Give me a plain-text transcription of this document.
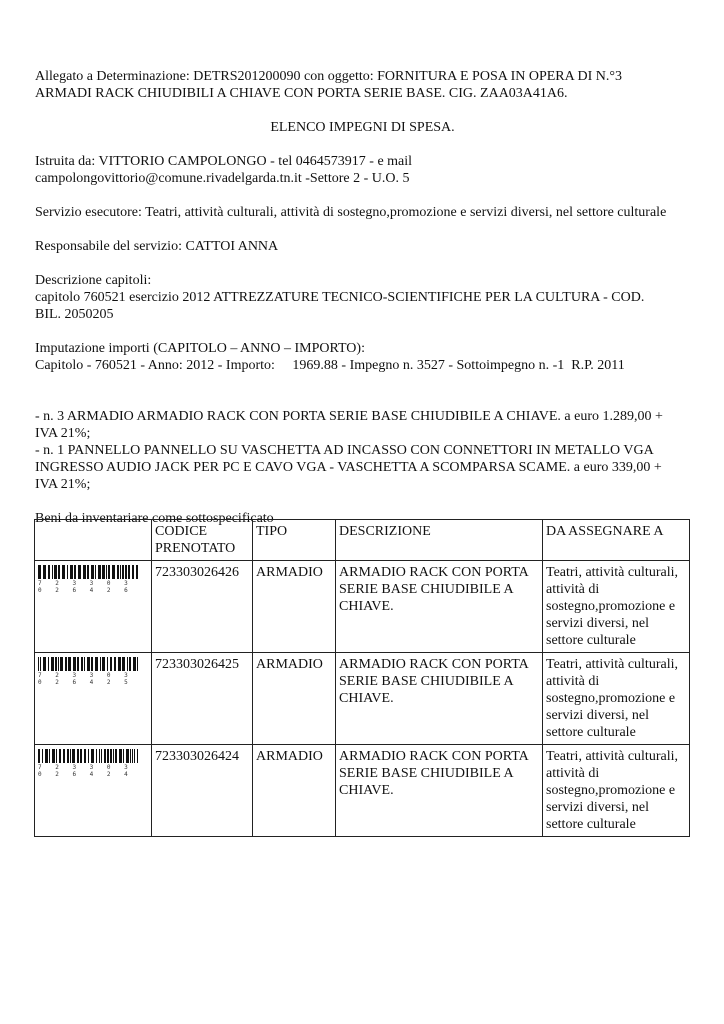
Allegato a Determinazione: DETRS201200090 con oggetto: FORNITURA E POSA IN OPERA DI N.°3

ARMADI RACK CHIUDIBILI A CHIAVE CON PORTA SERIE BASE. CIG. ZAA03A41A6.

ELENCO IMPEGNI DI SPESA.

Istruita da: VITTORIO CAMPOLONGO - tel 0464573917 - e mail

campolongovittorio@comune.rivadelgarda.tn.it -Settore 2 - U.O. 5

Servizio esecutore: Teatri, attività culturali, attività di sostegno,promozione e servizi diversi, nel settore culturale

Responsabile del servizio: CATTOI ANNA

Descrizione capitoli:

capitolo 760521 esercizio 2012 ATTREZZATURE TECNICO-SCIENTIFICHE PER LA CULTURA - COD.

BIL. 2050205

Imputazione importi (CAPITOLO – ANNO – IMPORTO):

Capitolo - 760521 - Anno: 2012 - Importo:     1969.88 - Impegno n. 3527 - Sottoimpegno n. -1  R.P. 2011

- n. 3 ARMADIO ARMADIO RACK CON PORTA SERIE BASE CHIUDIBILE A CHIAVE. a euro 1.289,00 +

IVA 21%;

- n. 1 PANNELLO PANNELLO SU VASCHETTA AD INCASSO CON CONNETTORI IN METALLO VGA

INGRESSO AUDIO JACK PER PC E CAVO VGA - VASCHETTA A SCOMPARSA SCAME. a euro 339,00 +

IVA 21%;

Beni da inventariare come sottospecificato

	CODICE
PRENOTATO	TIPO	DESCRIZIONE	DA ASSEGNARE A

7 2 3 3 0 3 0 2 6 4 2 6	723303026426	ARMADIO	ARMADIO RACK CON PORTA SERIE BASE CHIUDIBILE A CHIAVE.	Teatri, attività culturali, attività di sostegno,promozione e servizi diversi, nel settore culturale

7 2 3 3 0 3 0 2 6 4 2 5	723303026425	ARMADIO	ARMADIO RACK CON PORTA SERIE BASE CHIUDIBILE A CHIAVE.	Teatri, attività culturali, attività di sostegno,promozione e servizi diversi, nel settore culturale

7 2 3 3 0 3 0 2 6 4 2 4	723303026424	ARMADIO	ARMADIO RACK CON PORTA SERIE BASE CHIUDIBILE A CHIAVE.	Teatri, attività culturali, attività di sostegno,promozione e servizi diversi, nel settore culturale
